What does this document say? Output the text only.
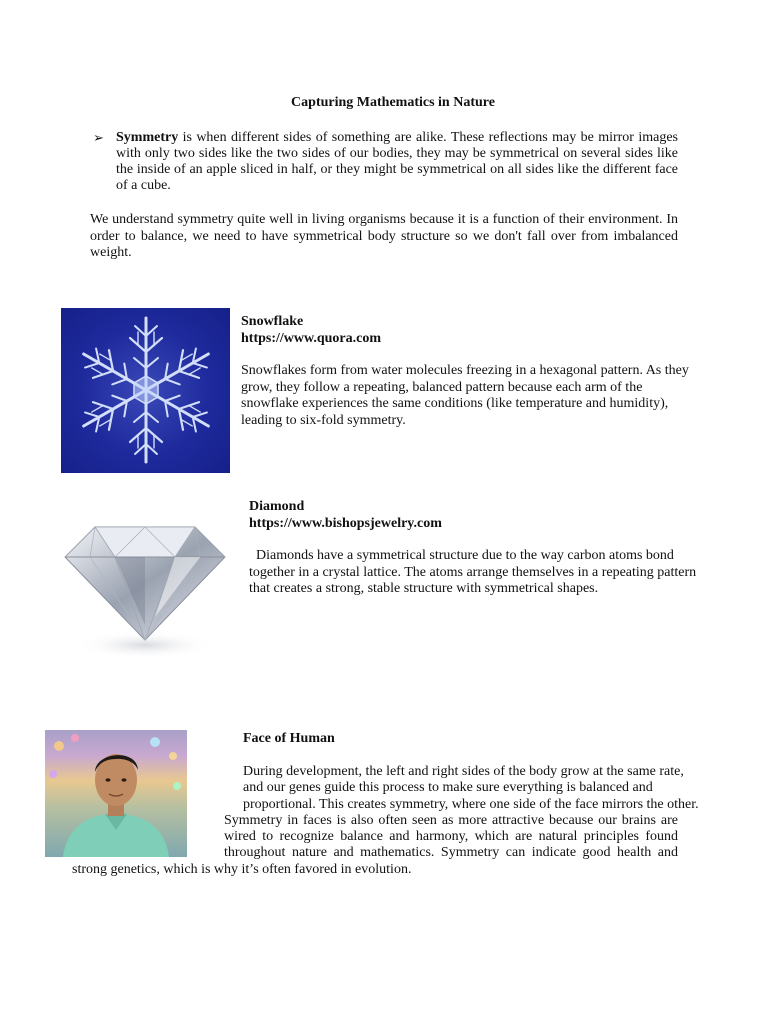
Capturing Mathematics in Nature
➢ Symmetry is when different sides of something are alike. These reflections may be mirror images with only two sides like the two sides of our bodies, they may be symmetrical on several sides like the inside of an apple sliced in half, or they might be symmetrical on all sides like the different face of a cube.
We understand symmetry quite well in living organisms because it is a function of their environment. In order to balance, we need to have symmetrical body structure so we don't fall over from imbalanced weight.
Snowflake
https://www.quora.com
Snowflakes form from water molecules freezing in a hexagonal pattern. As they grow, they follow a repeating, balanced pattern because each arm of the snowflake experiences the same conditions (like temperature and humidity), leading to six-fold symmetry.
Diamond
https://www.bishopsjewelry.com
Diamonds have a symmetrical structure due to the way carbon atoms bond together in a crystal lattice. The atoms arrange themselves in a repeating pattern that creates a strong, stable structure with symmetrical shapes.
Face of Human
During development, the left and right sides of the body grow at the same rate,
and our genes guide this process to make sure everything is balanced and
proportional. This creates symmetry, where one side of the face mirrors the other.
Symmetry in faces is also often seen as more attractive because our brains are
wired to recognize balance and harmony, which are natural principles found
throughout nature and mathematics. Symmetry can indicate good health and
strong genetics, which is why it’s often favored in evolution.
